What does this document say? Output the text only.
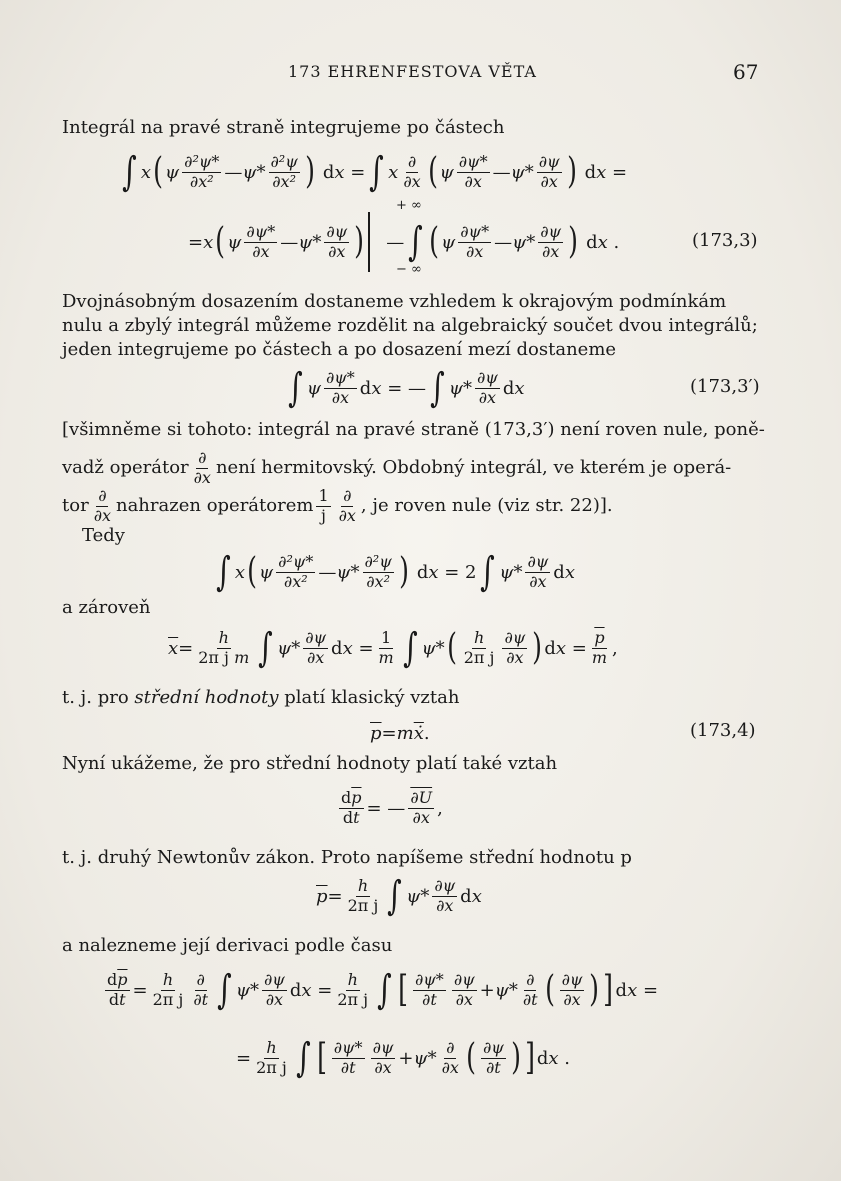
173 EHRENFESTOVA VĚTA	67
Integrál na pravé straně integrujeme po částech
∫ x ( ψ $\frac{\text{∂²ψ*}}{\text{∂x²}}$ — $\psi* \frac{\text{∂²ψ}}{\text{∂x²}}$ ) dx = ∫ x $\frac{\partial}{\partial x}$ ( ψ $\frac{\partial\psi*}{\partial x}$ — $\psi* \frac{\partial\psi}{\partial x}$ ) dx =
= x ( ψ $\frac{\partial\psi*}{\partial x}$ — $\psi* \frac{\partial\psi}{\partial x}$ ) — ∫ ( ψ $\frac{\partial\psi*}{\partial x}$ — $\psi* \frac{\partial\psi}{\partial x}$ ) dx .
+ ∞
− ∞
(173,3)
Dvojnásobným dosazením dostaneme vzhledem k okrajovým podmínkám
nulu a zbylý integrál můžeme rozdělit na algebraický součet dvou integrálů;
jeden integrujeme po částech a po dosazení mezí dostaneme
∫ ψ $\frac{\partial\psi*}{\partial x}$ dx = — ∫ $\psi* \frac{\partial\psi}{\partial x}$ dx	(173,3′)
[všimněme si tohoto: integrál na pravé straně (173,3′) není roven nule, poně-
vadž operátor $\frac{\partial}{\partial x}$ není hermitovský. Obdobný integrál, ve kterém je operá-
tor $\frac{\partial}{\partial x}$ nahrazen operátorem $\frac{1}{j} \frac{\partial}{\partial x}$ , je roven nule (viz str. 22)].
Tedy
∫ x ( ψ $\frac{\text{∂²ψ*}}{\text{∂x²}}$ — $\psi* \frac{\text{∂²ψ}}{\text{∂x²}}$ ) dx = 2 ∫ $\psi* \frac{\partial\psi}{\partial x}$ dx
a zároveň
$\overline{x} = \frac{h}{\text{2π j m}}$ ∫ $\psi* \frac{\partial\psi}{\partial x}$ dx = $\frac{1}{m}$ ∫ ψ* ( $\frac{h}{\text{2π j}} \frac{\partial\psi}{\partial x}$ ) dx = $\frac{\overline{p}}{m}$ ,
t. j. pro střední hodnoty platí klasický vztah
$\overline{p} = m$ $\overline{ẋ}$ .	(173,4)
Nyní ukážeme, že pro střední hodnoty platí také vztah
$\frac{d\overline{p}}{dt}$ = — $\frac{\partial U}{\partial x}$ ,
t. j. druhý Newtonův zákon. Proto napíšeme střední hodnotu p
$\overline{p} = \frac{h}{\text{2π j}}$ ∫ $\psi* \frac{\partial\psi}{\partial x}$ dx
a nalezneme její derivaci podle času
$\frac{d\overline{p}}{dt} = \frac{h}{\text{2π j}} \frac{\partial}{\partial t}$ ∫ $\psi* \frac{\partial\psi}{\partial x}$ dx = $\frac{h}{\text{2π j}}$ ∫ [ $\frac{\partial\psi*}{\partial t} \frac{\partial\psi}{\partial x} + \psi* \frac{\partial}{\partial t}$ ( $\frac{\partial\psi}{\partial x}$ ) ] dx =
= $\frac{h}{\text{2π j}}$ ∫ [ $\frac{\partial\psi*}{\partial t} \frac{\partial\psi}{\partial x} + \psi* \frac{\partial}{\partial x}$ ( $\frac{\partial\psi}{\partial t}$ ) ] dx .
